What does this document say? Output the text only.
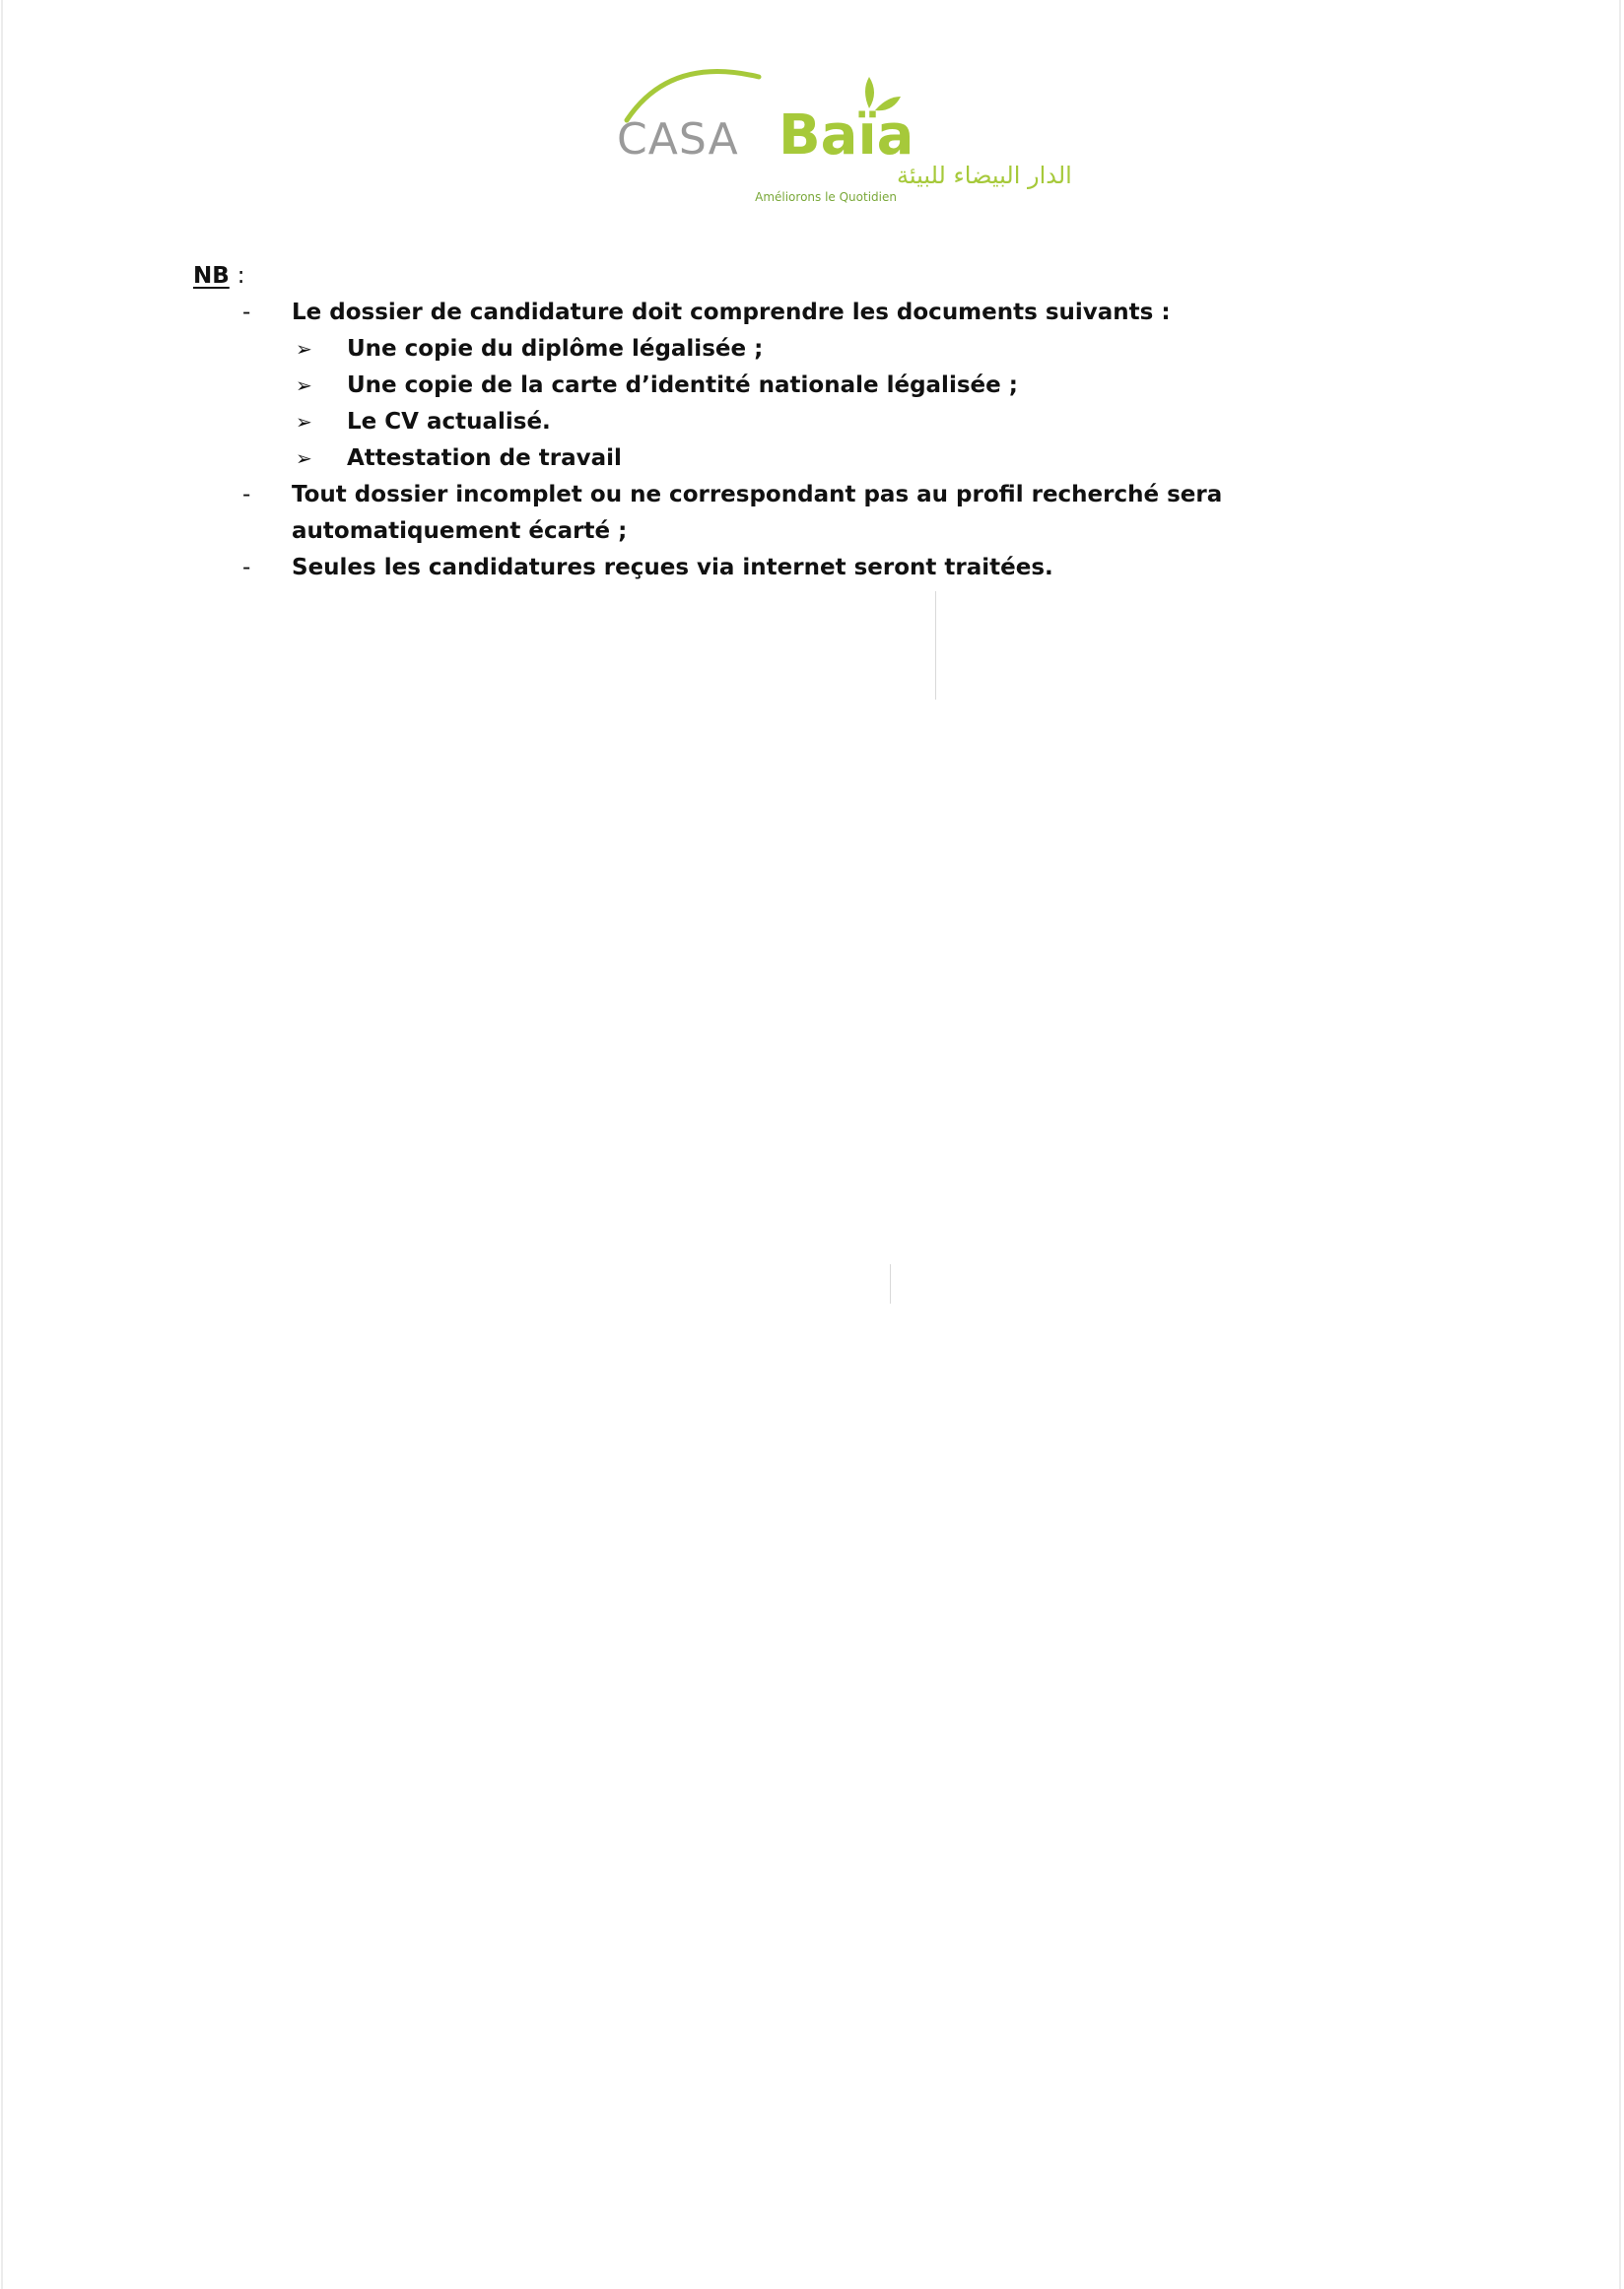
CASA Baïa
الدار البيضاء للبيئة
Améliorons le Quotidien
NB :
- Le dossier de candidature doit comprendre les documents suivants :
➢ Une copie du diplôme légalisée ;
➢ Une copie de la carte d’identité nationale légalisée ;
➢ Le CV actualisé.
➢ Attestation de travail
- Tout dossier incomplet ou ne correspondant pas au profil recherché sera automatiquement écarté ;
- Seules les candidatures reçues via internet seront traitées.
